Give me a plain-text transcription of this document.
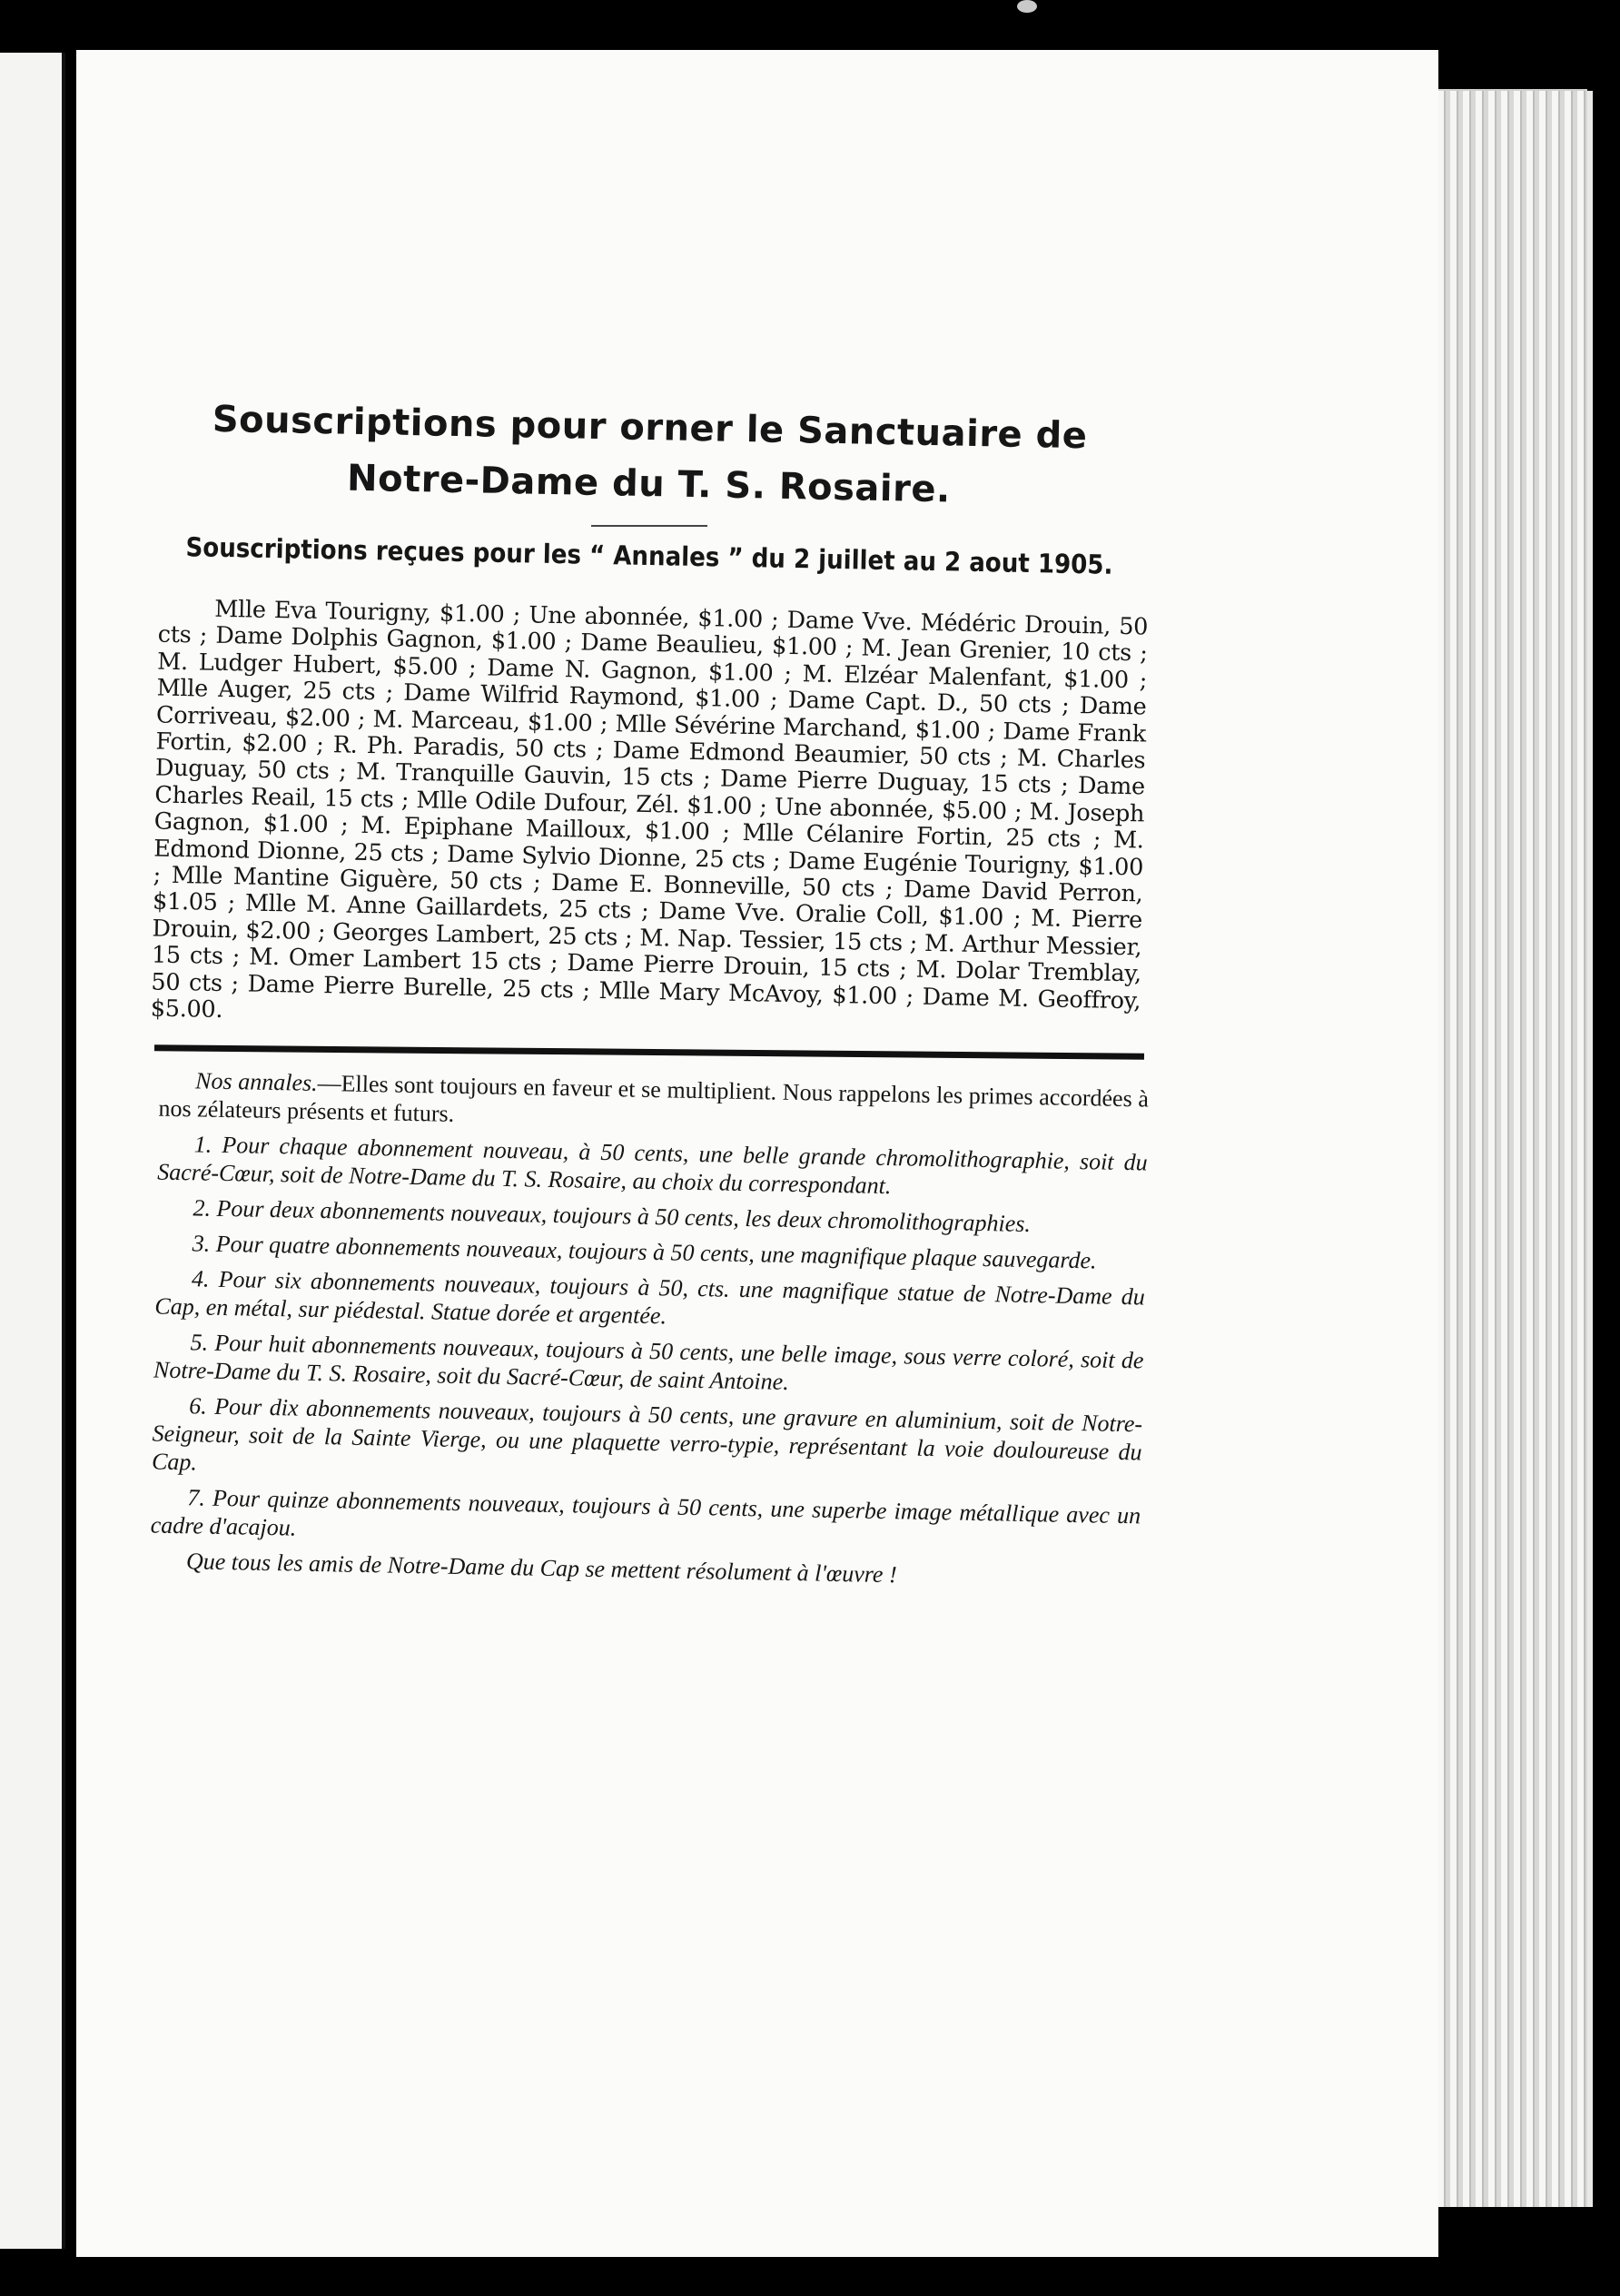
Souscriptions pour orner le Sanctuaire de
Notre-Dame du T. S. Rosaire.

Souscriptions reçues pour les “ Annales ” du 2 juillet au 2 aout 1905.

Mlle Eva Tourigny, $1.00 ; Une abonnée, $1.00 ; Dame Vve. Médéric Drouin, 50 cts ; Dame Dolphis Gagnon, $1.00 ; Dame Beaulieu, $1.00 ; M. Jean Grenier, 10 cts ; M. Ludger Hubert, $5.00 ; Dame N. Gagnon, $1.00 ; M. Elzéar Malenfant, $1.00 ; Mlle Auger, 25 cts ; Dame Wilfrid Raymond, $1.00 ; Dame Capt. D., 50 cts ; Dame Corriveau, $2.00 ; M. Marceau, $1.00 ; Mlle Sévérine Marchand, $1.00 ; Dame Frank Fortin, $2.00 ; R. Ph. Paradis, 50 cts ; Dame Edmond Beaumier, 50 cts ; M. Charles Duguay, 50 cts ; M. Tranquille Gauvin, 15 cts ; Dame Pierre Duguay, 15 cts ; Dame Charles Reail, 15 cts ; Mlle Odile Dufour, Zél. $1.00 ; Une abonnée, $5.00 ; M. Joseph Gagnon, $1.00 ; M. Epiphane Mailloux, $1.00 ; Mlle Célanire Fortin, 25 cts ; M. Edmond Dionne, 25 cts ; Dame Sylvio Dionne, 25 cts ; Dame Eugénie Tourigny, $1.00 ; Mlle Mantine Giguère, 50 cts ; Dame E. Bonneville, 50 cts ; Dame David Perron, $1.05 ; Mlle M. Anne Gaillardets, 25 cts ; Dame Vve. Oralie Coll, $1.00 ; M. Pierre Drouin, $2.00 ; Georges Lambert, 25 cts ; M. Nap. Tessier, 15 cts ; M. Arthur Messier, 15 cts ; M. Omer Lambert 15 cts ; Dame Pierre Drouin, 15 cts ; M. Dolar Tremblay, 50 cts ; Dame Pierre Burelle, 25 cts ; Mlle Mary McAvoy, $1.00 ; Dame M. Geoffroy, $5.00.

Nos annales.—Elles sont toujours en faveur et se multiplient. Nous rappelons les primes accordées à nos zélateurs présents et futurs.

1. Pour chaque abonnement nouveau, à 50 cents, une belle grande chromolithographie, soit du Sacré-Cœur, soit de Notre-Dame du T. S. Rosaire, au choix du correspondant.

2. Pour deux abonnements nouveaux, toujours à 50 cents, les deux chromolithographies.

3. Pour quatre abonnements nouveaux, toujours à 50 cents, une magnifique plaque sauvegarde.

4. Pour six abonnements nouveaux, toujours à 50, cts. une magnifique statue de Notre-Dame du Cap, en métal, sur piédestal. Statue dorée et argentée.

5. Pour huit abonnements nouveaux, toujours à 50 cents, une belle image, sous verre coloré, soit de Notre-Dame du T. S. Rosaire, soit du Sacré-Cœur, de saint Antoine.

6. Pour dix abonnements nouveaux, toujours à 50 cents, une gravure en aluminium, soit de Notre-Seigneur, soit de la Sainte Vierge, ou une plaquette verro-typie, représentant la voie douloureuse du Cap.

7. Pour quinze abonnements nouveaux, toujours à 50 cents, une superbe image métallique avec un cadre d'acajou.

Que tous les amis de Notre-Dame du Cap se mettent résolument à l'œuvre !
